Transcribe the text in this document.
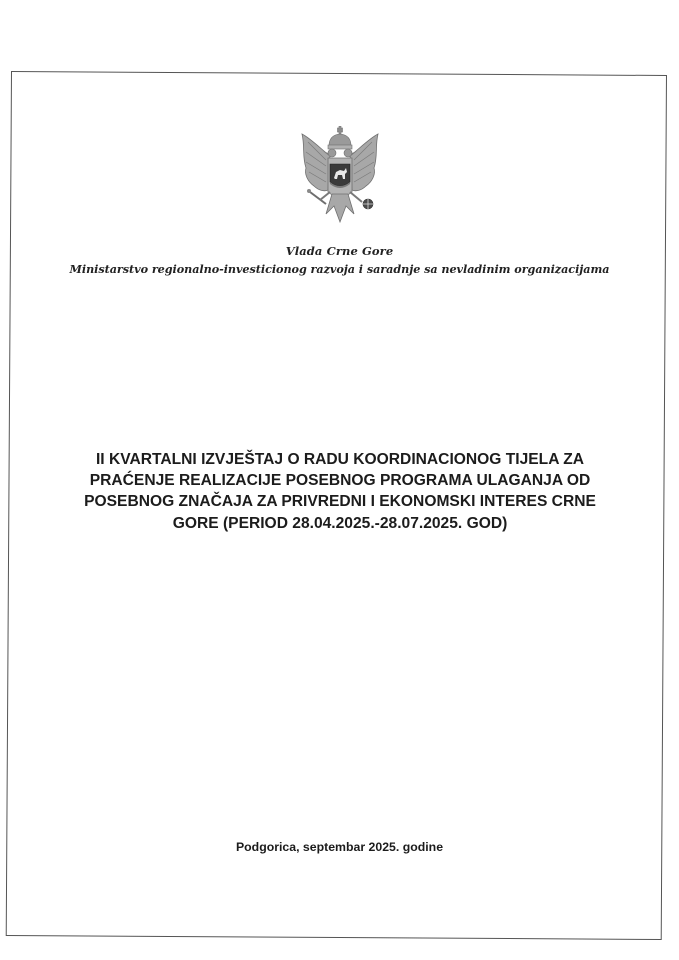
Vlada Crne Gore
Ministarstvo regionalno-investicionog razvoja i saradnje sa nevladinim organizacijama
II KVARTALNI IZVJEŠTAJ O RADU KOORDINACIONOG TIJELA ZA
PRAĆENJE REALIZACIJE POSEBNOG PROGRAMA ULAGANJA OD
POSEBNOG ZNAČAJA ZA PRIVREDNI I EKONOMSKI INTERES CRNE
GORE (PERIOD 28.04.2025.-28.07.2025. GOD)
Podgorica, septembar 2025. godine
